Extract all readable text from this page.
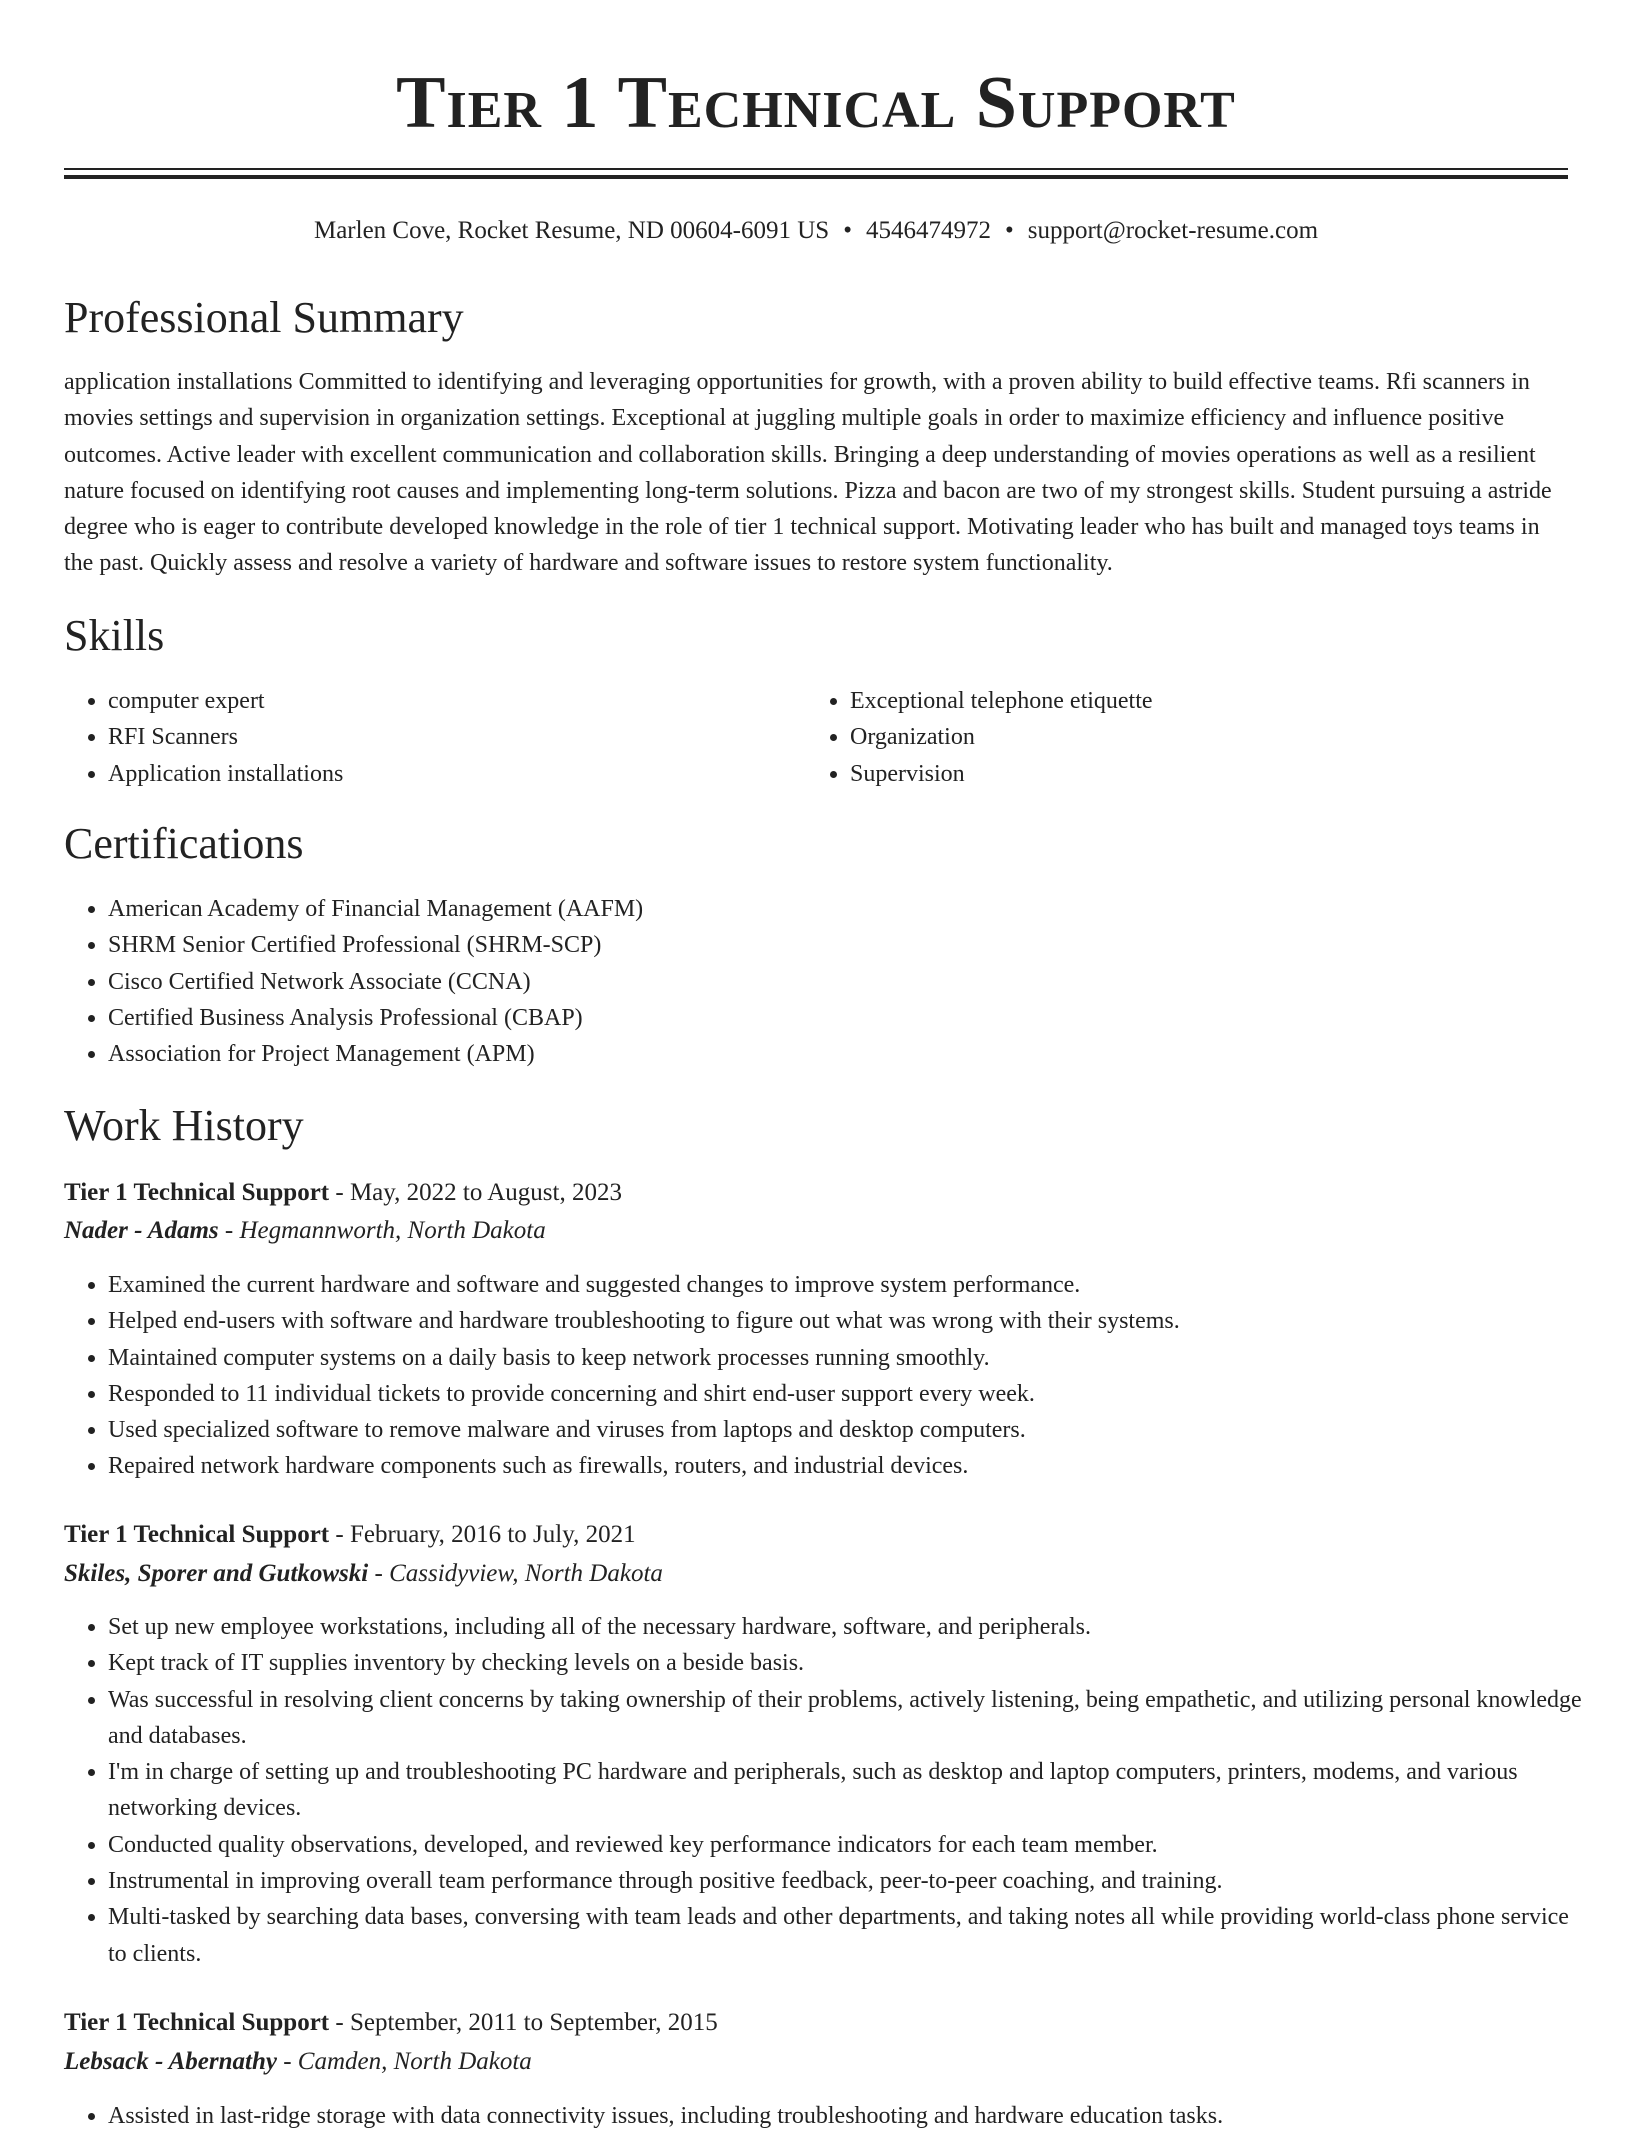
Tier 1 Technical Support
Marlen Cove, Rocket Resume, ND 00604-6091 US • 4546474972 • support@rocket-resume.com
Professional Summary

application installations Committed to identifying and leveraging opportunities for growth, with a proven ability to build effective teams. Rfi scanners in movies settings and supervision in organization settings. Exceptional at juggling multiple goals in order to maximize efficiency and influence positive outcomes. Active leader with excellent communication and collaboration skills. Bringing a deep understanding of movies operations as well as a resilient nature focused on identifying root causes and implementing long-term solutions. Pizza and bacon are two of my strongest skills. Student pursuing a astride degree who is eager to contribute developed knowledge in the role of tier 1 technical support. Motivating leader who has built and managed toys teams in the past. Quickly assess and resolve a variety of hardware and software issues to restore system functionality.

Skills
• computer expert
• RFI Scanners
• Application installations
• Exceptional telephone etiquette
• Organization
• Supervision
Certifications
• American Academy of Financial Management (AAFM)
• SHRM Senior Certified Professional (SHRM-SCP)
• Cisco Certified Network Associate (CCNA)
• Certified Business Analysis Professional (CBAP)
• Association for Project Management (APM)
Work History
Tier 1 Technical Support - May, 2022 to August, 2023
Nader - Adams - Hegmannworth, North Dakota
• Examined the current hardware and software and suggested changes to improve system performance.
• Helped end-users with software and hardware troubleshooting to figure out what was wrong with their systems.
• Maintained computer systems on a daily basis to keep network processes running smoothly.
• Responded to 11 individual tickets to provide concerning and shirt end-user support every week.
• Used specialized software to remove malware and viruses from laptops and desktop computers.
• Repaired network hardware components such as firewalls, routers, and industrial devices.
Tier 1 Technical Support - February, 2016 to July, 2021
Skiles, Sporer and Gutkowski - Cassidyview, North Dakota
• Set up new employee workstations, including all of the necessary hardware, software, and peripherals.
• Kept track of IT supplies inventory by checking levels on a beside basis.
• Was successful in resolving client concerns by taking ownership of their problems, actively listening, being empathetic, and utilizing personal knowledge and databases.
• I'm in charge of setting up and troubleshooting PC hardware and peripherals, such as desktop and laptop computers, printers, modems, and various networking devices.
• Conducted quality observations, developed, and reviewed key performance indicators for each team member.
• Instrumental in improving overall team performance through positive feedback, peer-to-peer coaching, and training.
• Multi-tasked by searching data bases, conversing with team leads and other departments, and taking notes all while providing world-class phone service to clients.
Tier 1 Technical Support - September, 2011 to September, 2015
Lebsack - Abernathy - Camden, North Dakota
• Assisted in last-ridge storage with data connectivity issues, including troubleshooting and hardware education tasks.
